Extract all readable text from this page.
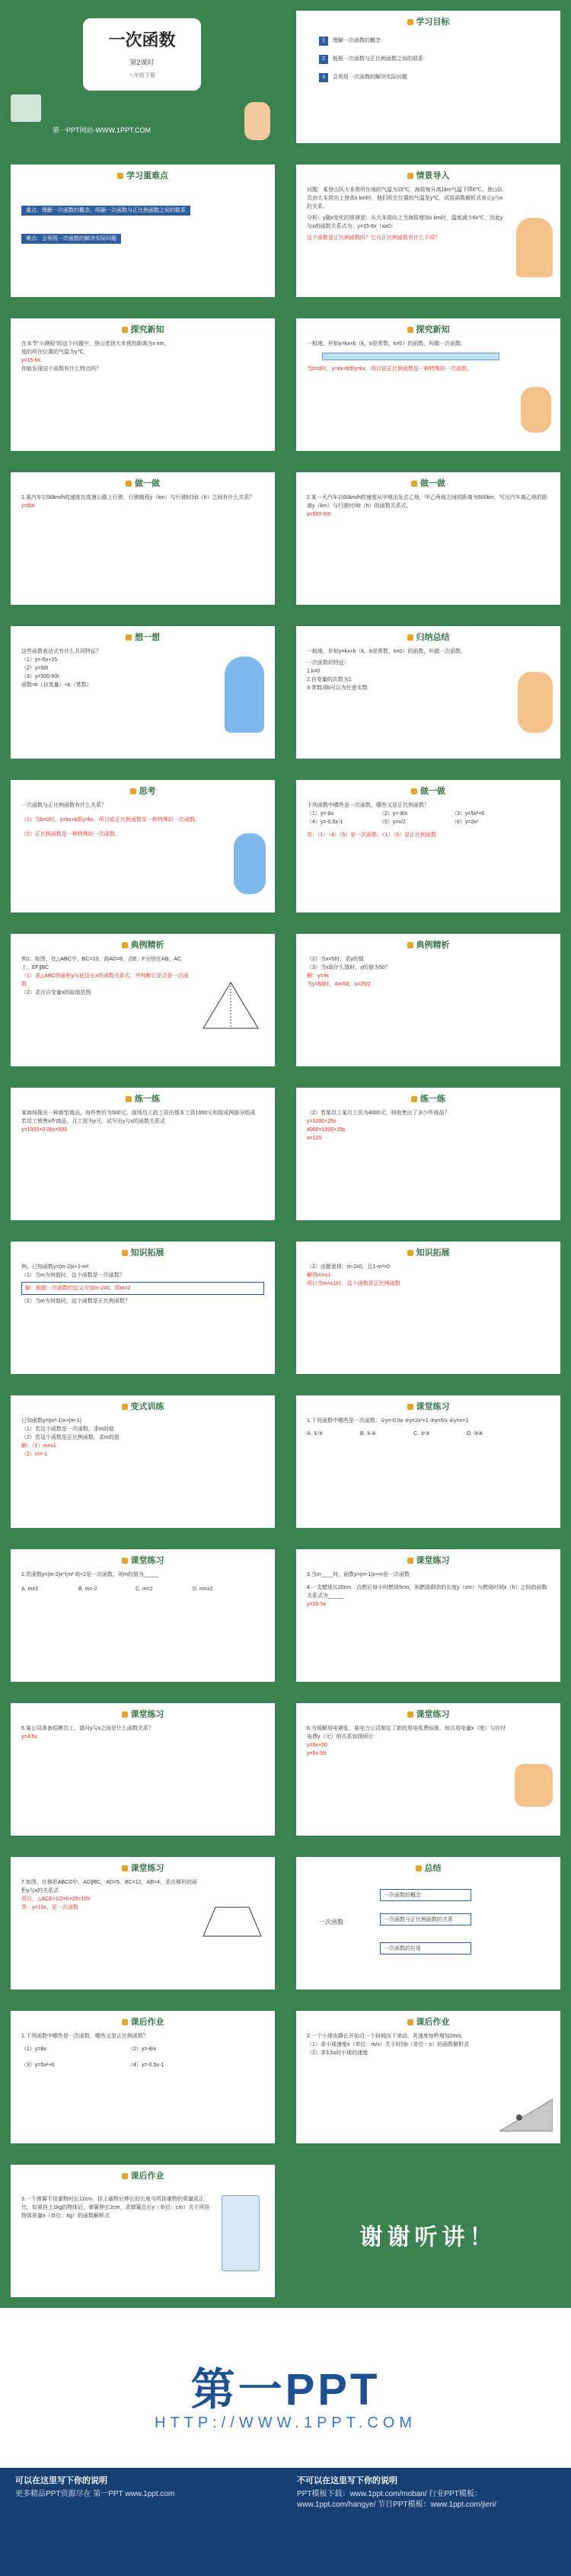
一次函数
第2课时
八年级下册
第一PPT网站-WWW.1PPT.COM
学习目标
1 理解一次函数的概念
2 能根一次函数与正比例函数之间的联系
3 会利用一次函数的解决实际问题
学习重难点
重点：理解一次函数的概念，明确一次函数与正比例函数之间的联系
难点：会利用一次函数的解决实际问题
情景导入
问题：某登山队大本营所在地的气温为15℃，海拔每升高1km气温下降6℃。登山队员由大本营向上登高x km时，他们所在位置的气温是y℃，试用函数解析式表示y与x的关系。
分析：y随x变化的规律是：从大本营向上当海拔增加x km时，温度减少6x℃，因此y与x的函数关系式为：y=15-6x（x≥0）
这个函数是正比例函数吗？它与正比例函数有什么不同？
探究新知
在本节“小测验”的这个问题中，登山者到大本营的距离为x km，
他的所在位置的气温为y℃，
y=15-6x
你能发现这个函数有什么特点吗？
探究新知
一般地，形如y=kx+b（k、b是常数，k≠0）的函数，叫做一次函数。
当b=0时，y=kx+b即y=kx，所以说正比例函数是一种特殊的一次函数。
做一做
1.某汽车以50km/h的速度在高速公路上行驶，行驶路程y（km）与行驶时间t（h）之间有什么关系？
y=50t
做一做
2.某一天汽车以60km/h的速度从甲地出发去乙地，甲乙两地之间的距离为500km，写出汽车离乙地的距离y（km）与行驶时间t（h）的函数关系式。
y=500-60t
想一想
这些函数表达式有什么共同特征？
（1）y=-6x+15
（2）y=50t
（3）y=500-60t
函数=k（自变量）+b（常数）
归纳总结
一般地，形如y=kx+b（k、b是常数，k≠0）的函数，叫做一次函数。
一次函数的特征：
1.k≠0
2.自变量的次数为1
3.常数项b可以为任意实数
思考
一次函数与正比例函数有什么关系？
（1）当b=0时，y=kx+b即y=kx，所以说正比例函数是一种特殊的一次函数。
（2）正比例函数是一种特殊的一次函数。
做一做
下列函数中哪些是一次函数，哪些又是正比例函数？
（1）y=-8x	（2）y=-8/x	（3）y=5x²+6
（4）y=-0.5x-1	（5）y=x/2	（6）y=2x²
答：（1）（4）（5）是一次函数；（1）（5）是正比例函数
典例精析
例1：如图，在△ABC中，BC=10，高AD=8，点E、F分别在AB、AC上，EF∥BC
（1）求△ABC的面积y与底边长x的函数关系式，并判断它是否是一次函数
（2）求出自变量x的取值范围
典例精析
（2）当x=5时，求y的值
（3）当x取什么值时，y的值为50？
解：y=4x
当y=50时，4x=50，x=25/2
练一练
某商场推出一种新型商品，每件售价为500元。商场员工的工资由基本工资1000元和提成两部分组成
若员工销售x件商品，月工资为y元，试写出y与x的函数关系式
y=1000+0.05x×500
练一练
（2）若某员工某月工资为4000元，则他售出了多少件商品？
y=1000+25x
4000=1000+25x
x=120
知识拓展
例、已知函数y=(m-2)x+1-m²
（1）当m为何值时，这个函数是一次函数？
解：根据一次函数的定义可知m-2≠0，即m≠2
（2）当m为何值时，这个函数是正比例函数？
知识拓展
（2）由题意得：m-2≠0，且1-m²=0
解得m=±1
所以当m=±1时，这个函数是正比例函数
变式训练
已知函数y=(m²-1)x+(m-1)
（1）若这个函数是一次函数，求m的值
（2）若这个函数是正比例函数，求m的值
解：（1）m≠±1
（2）m=-1
课堂练习
1.下列函数中哪些是一次函数：①y=-0.5x ②y=2x²+1 ③y=5/x ④y=x+1
A. ①③	B. ①④	C. ②③	D. ③④
课堂练习
2.若函数y=(m-2)x^(m²-3)+2是一次函数，则m的值为_____
A. m≠2	B. m=-2	C. m=2	D. m=±2
课堂练习
3.当m____时，函数y=(m-1)x+m是一次函数
4.一支蜡烛长20cm，点燃后每小时燃烧5cm，则燃烧剩余的长度y（cm）与燃烧时间x（h）之间的函数关系式为_____
y=20-5x
课堂练习
5.某公司准备招聘员工，请问y与x之间是什么函数关系？
y=4.5x
课堂练习
6.为缓解用电紧张，某电力公司制定了新的用电收费标准，每月用电量x（度）与应付电费y（元）的关系如图所示
y=5x+50
y=5x-50
课堂练习
7.如图，在梯形ABCD中，AD∥BC，AD=5，BC=12，AB=4，求出梯形的面积y与x的关系式
所以，△ACE=1/2×h×20=10h
答：y=10x，是一次函数
总结
一次函数
一次函数的概念
一次函数与正比例函数的关系
一次函数的应用
课后作业
1.下列函数中哪些是一次函数，哪些又是正比例函数？
（1）y=8x	（2）y=-8/x
（3）y=5x²+6	（4）y=-0.5x-1
课后作业
2.一个小球由静止开始沿一个斜坡向下滚动，其速度每秒增加2m/s
（1）求小球速度v（单位：m/s）关于时间t（单位：s）的函数解析式
（2）求3.5s时小球的速度
课后作业
3.一个弹簧不挂重物时长12cm，挂上重物后伸长的长度与所挂重物的质量成正比，如果挂上1kg的物体后，弹簧伸长2cm，求弹簧总长y（单位：cm）关于所挂物体质量x（单位：kg）的函数解析式
谢谢听讲！
第一PPT
HTTP://WWW.1PPT.COM
可以在这里写下你的说明
更多精品PPT资源尽在 第一PPT www.1ppt.com
不可以在这里写下你的说明
PPT模板下载：www.1ppt.com/moban/ 行业PPT模板：www.1ppt.com/hangye/ 节日PPT模板：www.1ppt.com/jieri/
